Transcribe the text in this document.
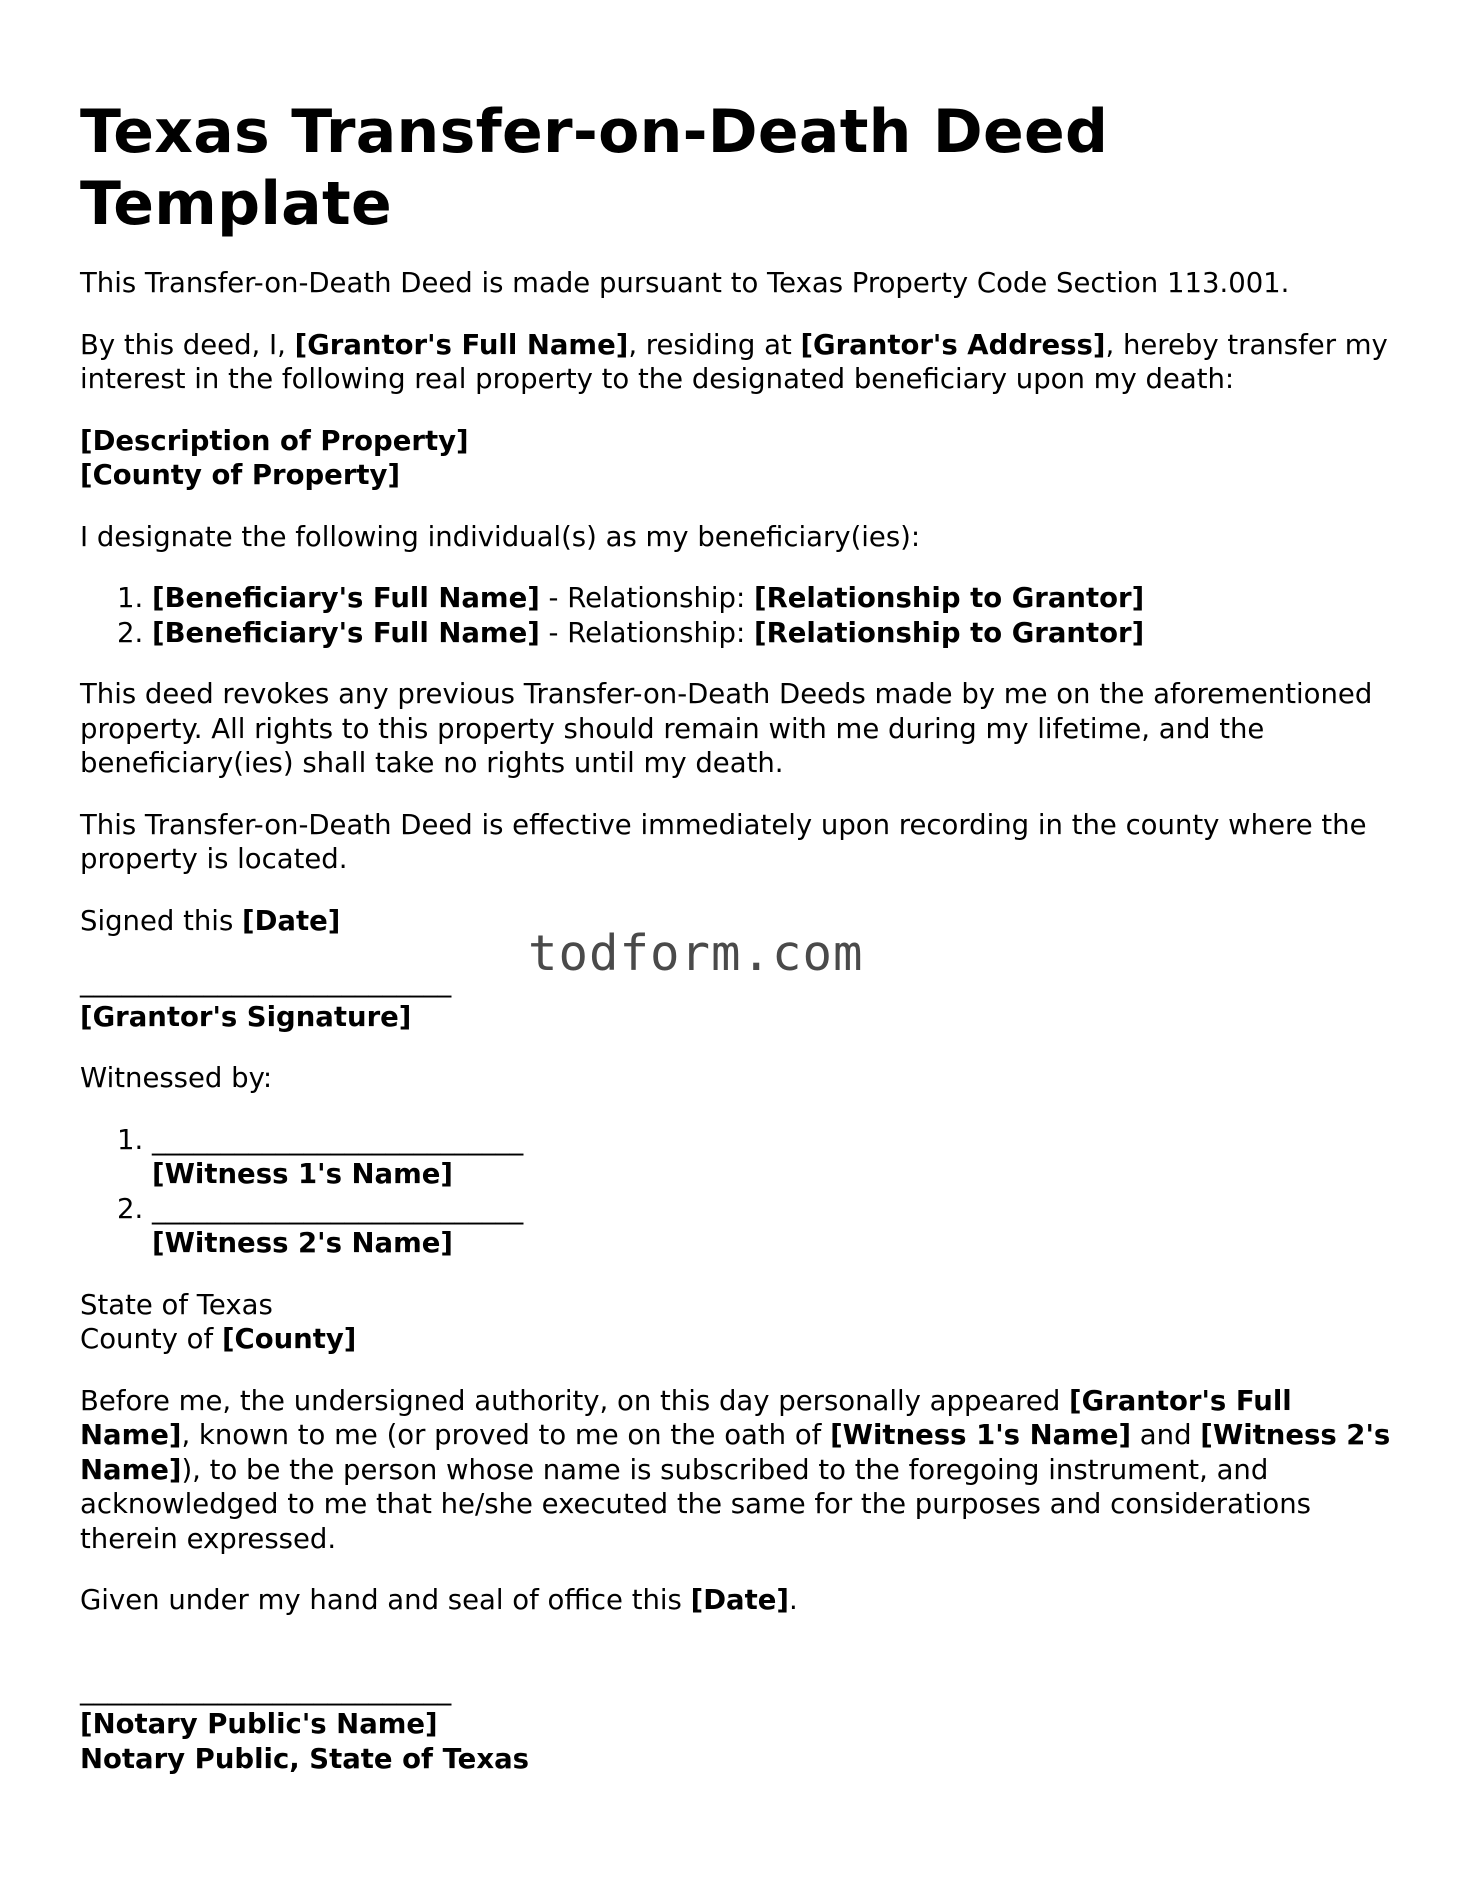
Texas Transfer-on-Death Deed Template

This Transfer-on-Death Deed is made pursuant to Texas Property Code Section 113.001.

By this deed, I, [Grantor's Full Name], residing at [Grantor's Address], hereby transfer my interest in the following real property to the designated beneficiary upon my death:

[Description of Property]
[County of Property]

I designate the following individual(s) as my beneficiary(ies):

1. [Beneficiary's Full Name] - Relationship: [Relationship to Grantor]
2. [Beneficiary's Full Name] - Relationship: [Relationship to Grantor]

This deed revokes any previous Transfer-on-Death Deeds made by me on the aforementioned property. All rights to this property should remain with me during my lifetime, and the beneficiary(ies) shall take no rights until my death.

This Transfer-on-Death Deed is effective immediately upon recording in the county where the property is located.

Signed this [Date]

___________________________
[Grantor's Signature]

Witnessed by:

1. ___________________________
[Witness 1's Name]
2. ___________________________
[Witness 2's Name]
State of Texas
County of [County]

Before me, the undersigned authority, on this day personally appeared [Grantor's Full Name], known to me (or proved to me on the oath of [Witness 1's Name] and [Witness 2's Name]), to be the person whose name is subscribed to the foregoing instrument, and acknowledged to me that he/she executed the same for the purposes and considerations therein expressed.

Given under my hand and seal of office this [Date].

___________________________
[Notary Public's Name]
Notary Public, State of Texas
todform.com
